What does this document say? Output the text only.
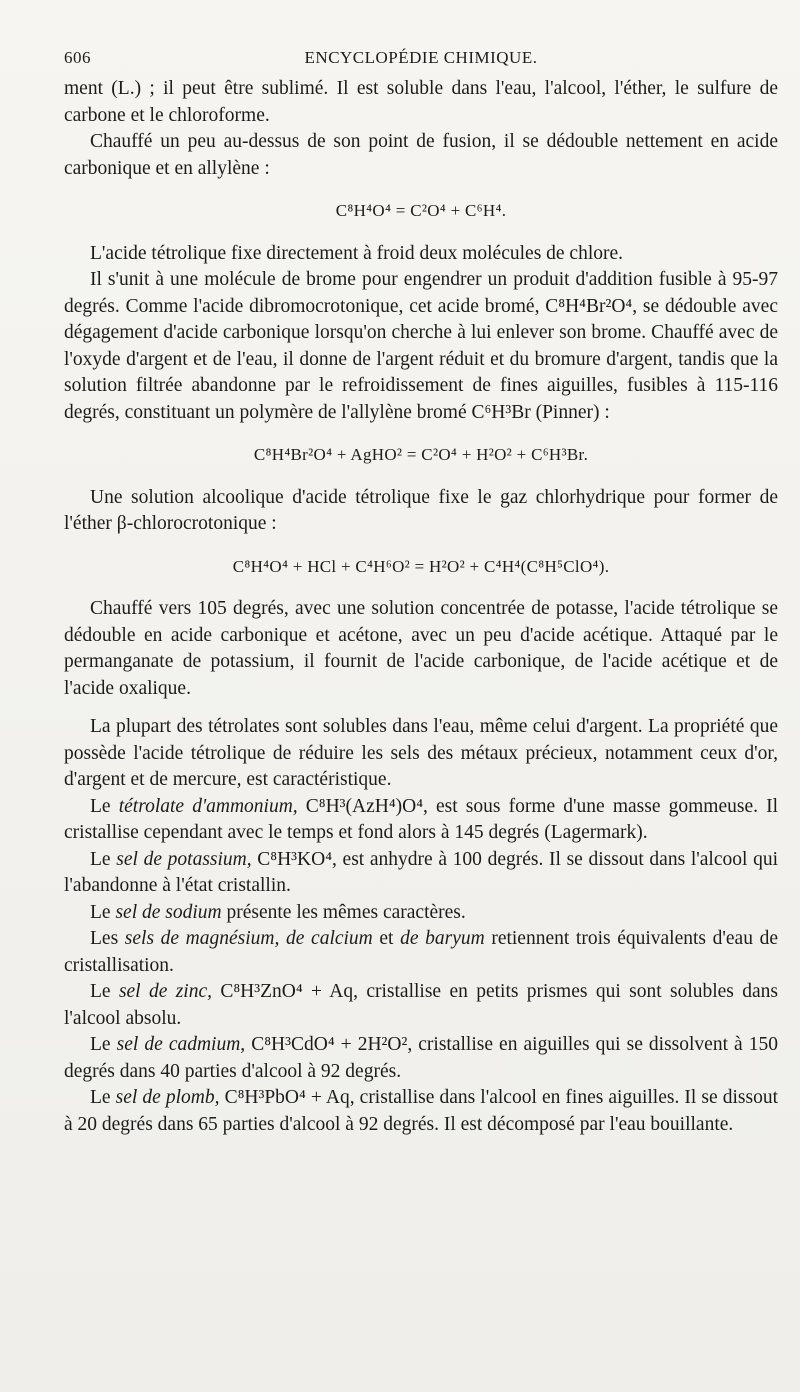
606	ENCYCLOPÉDIE CHIMIQUE.

ment (L.) ; il peut être sublimé. Il est soluble dans l'eau, l'alcool, l'éther, le sulfure de carbone et le chloroforme.

Chauffé un peu au-dessus de son point de fusion, il se dédouble nettement en acide carbonique et en allylène :

C⁸H⁴O⁴ = C²O⁴ + C⁶H⁴.

L'acide tétrolique fixe directement à froid deux molécules de chlore.

Il s'unit à une molécule de brome pour engendrer un produit d'addition fusible à 95-97 degrés. Comme l'acide dibromocrotonique, cet acide bromé, C⁸H⁴Br²O⁴, se dédouble avec dégagement d'acide carbonique lorsqu'on cherche à lui enlever son brome. Chauffé avec de l'oxyde d'argent et de l'eau, il donne de l'argent réduit et du bromure d'argent, tandis que la solution filtrée abandonne par le refroidissement de fines aiguilles, fusibles à 115-116 degrés, constituant un polymère de l'allylène bromé C⁶H³Br (Pinner) :

C⁸H⁴Br²O⁴ + AgHO² = C²O⁴ + H²O² + C⁶H³Br.

Une solution alcoolique d'acide tétrolique fixe le gaz chlorhydrique pour former de l'éther β-chlorocrotonique :

C⁸H⁴O⁴ + HCl + C⁴H⁶O² = H²O² + C⁴H⁴(C⁸H⁵ClO⁴).

Chauffé vers 105 degrés, avec une solution concentrée de potasse, l'acide tétrolique se dédouble en acide carbonique et acétone, avec un peu d'acide acétique. Attaqué par le permanganate de potassium, il fournit de l'acide carbonique, de l'acide acétique et de l'acide oxalique.

La plupart des tétrolates sont solubles dans l'eau, même celui d'argent. La propriété que possède l'acide tétrolique de réduire les sels des métaux précieux, notamment ceux d'or, d'argent et de mercure, est caractéristique.

Le tétrolate d'ammonium, C⁸H³(AzH⁴)O⁴, est sous forme d'une masse gommeuse. Il cristallise cependant avec le temps et fond alors à 145 degrés (Lagermark).

Le sel de potassium, C⁸H³KO⁴, est anhydre à 100 degrés. Il se dissout dans l'alcool qui l'abandonne à l'état cristallin.

Le sel de sodium présente les mêmes caractères.

Les sels de magnésium, de calcium et de baryum retiennent trois équivalents d'eau de cristallisation.

Le sel de zinc, C⁸H³ZnO⁴ + Aq, cristallise en petits prismes qui sont solubles dans l'alcool absolu.

Le sel de cadmium, C⁸H³CdO⁴ + 2H²O², cristallise en aiguilles qui se dissolvent à 150 degrés dans 40 parties d'alcool à 92 degrés.

Le sel de plomb, C⁸H³PbO⁴ + Aq, cristallise dans l'alcool en fines aiguilles. Il se dissout à 20 degrés dans 65 parties d'alcool à 92 degrés. Il est décomposé par l'eau bouillante.
